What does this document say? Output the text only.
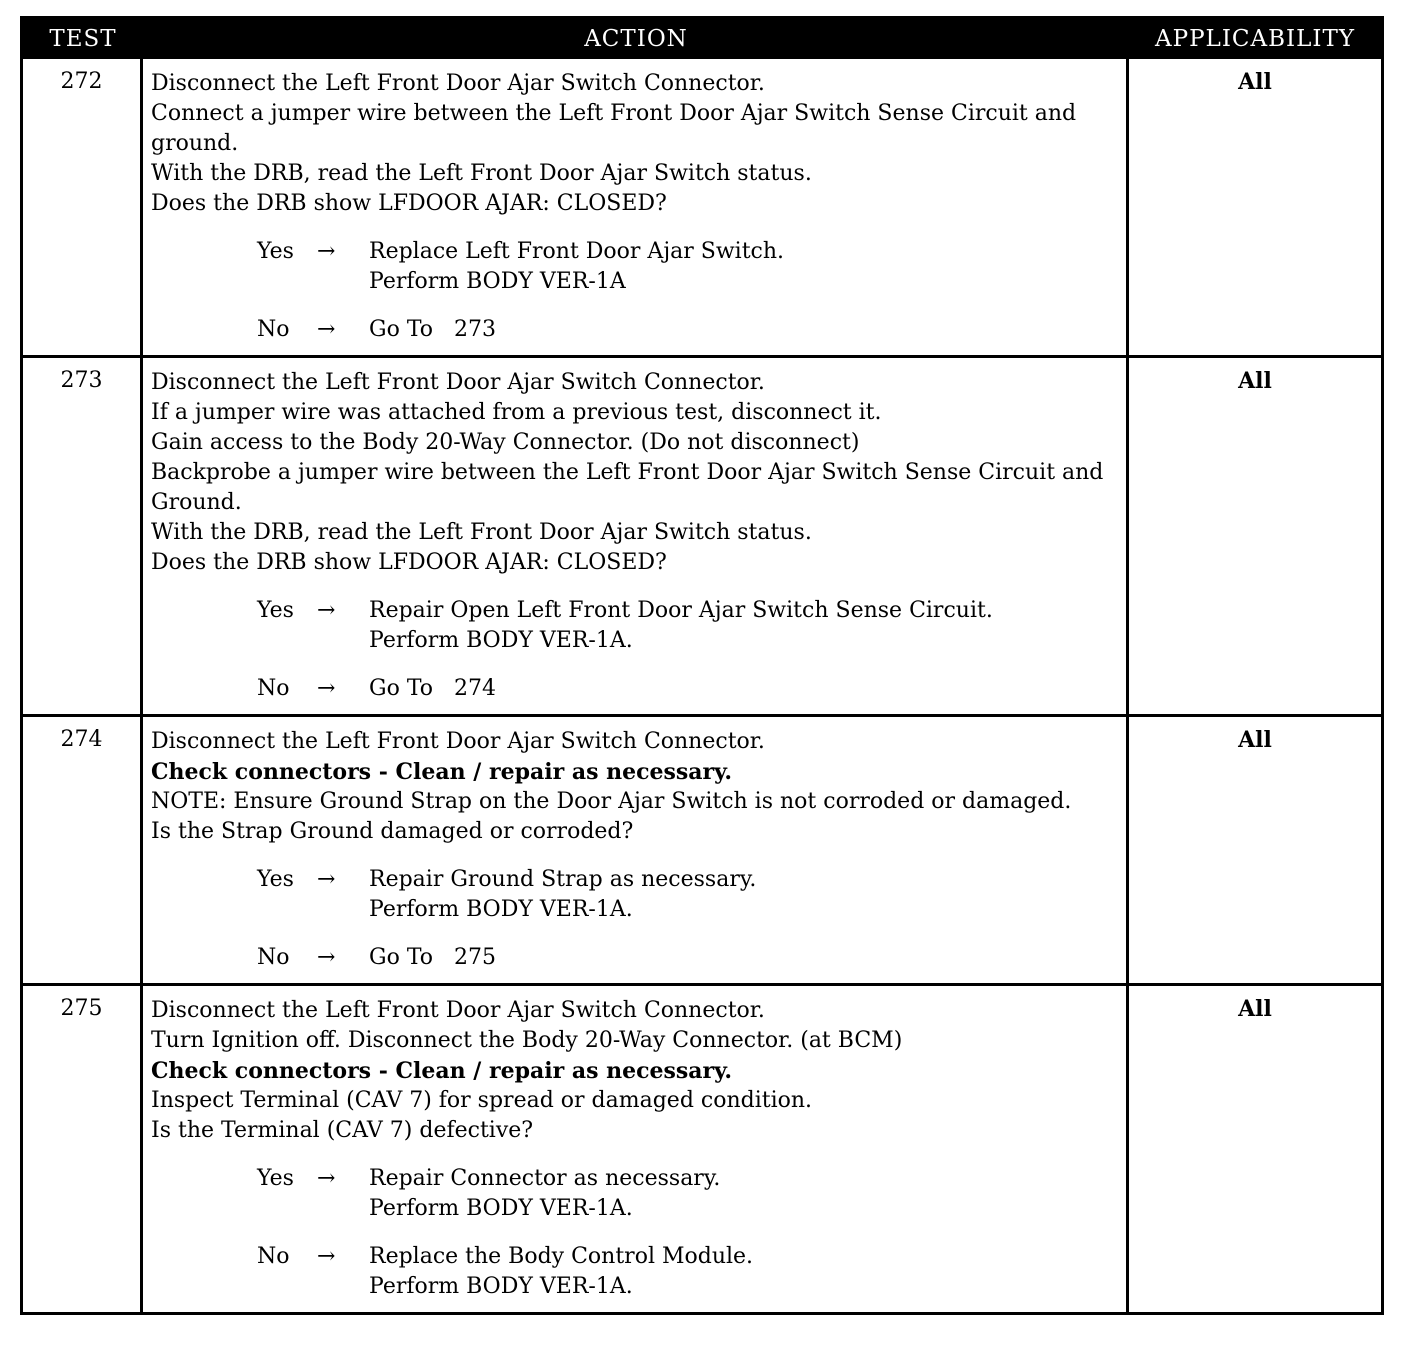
TEST	ACTION	APPLICABILITY
272	Disconnect the Left Front Door Ajar Switch Connector.
Connect a jumper wire between the Left Front Door Ajar Switch Sense Circuit and
ground.
With the DRB, read the Left Front Door Ajar Switch status.
Does the DRB show LFDOOR AJAR: CLOSED?
Yes	→	Replace Left Front Door Ajar Switch.
Perform BODY VER-1A
No	→	Go To   273
All
273	Disconnect the Left Front Door Ajar Switch Connector.
If a jumper wire was attached from a previous test, disconnect it.
Gain access to the Body 20-Way Connector. (Do not disconnect)
Backprobe a jumper wire between the Left Front Door Ajar Switch Sense Circuit and
Ground.
With the DRB, read the Left Front Door Ajar Switch status.
Does the DRB show LFDOOR AJAR: CLOSED?
Yes	→	Repair Open Left Front Door Ajar Switch Sense Circuit.
Perform BODY VER-1A.
No	→	Go To   274
All
274	Disconnect the Left Front Door Ajar Switch Connector.
Check connectors - Clean / repair as necessary.
NOTE: Ensure Ground Strap on the Door Ajar Switch is not corroded or damaged.
Is the Strap Ground damaged or corroded?
Yes	→	Repair Ground Strap as necessary.
Perform BODY VER-1A.
No	→	Go To   275
All
275	Disconnect the Left Front Door Ajar Switch Connector.
Turn Ignition off. Disconnect the Body 20-Way Connector. (at BCM)
Check connectors - Clean / repair as necessary.
Inspect Terminal (CAV 7) for spread or damaged condition.
Is the Terminal (CAV 7) defective?
Yes	→	Repair Connector as necessary.
Perform BODY VER-1A.
No	→	Replace the Body Control Module.
Perform BODY VER-1A.
All
